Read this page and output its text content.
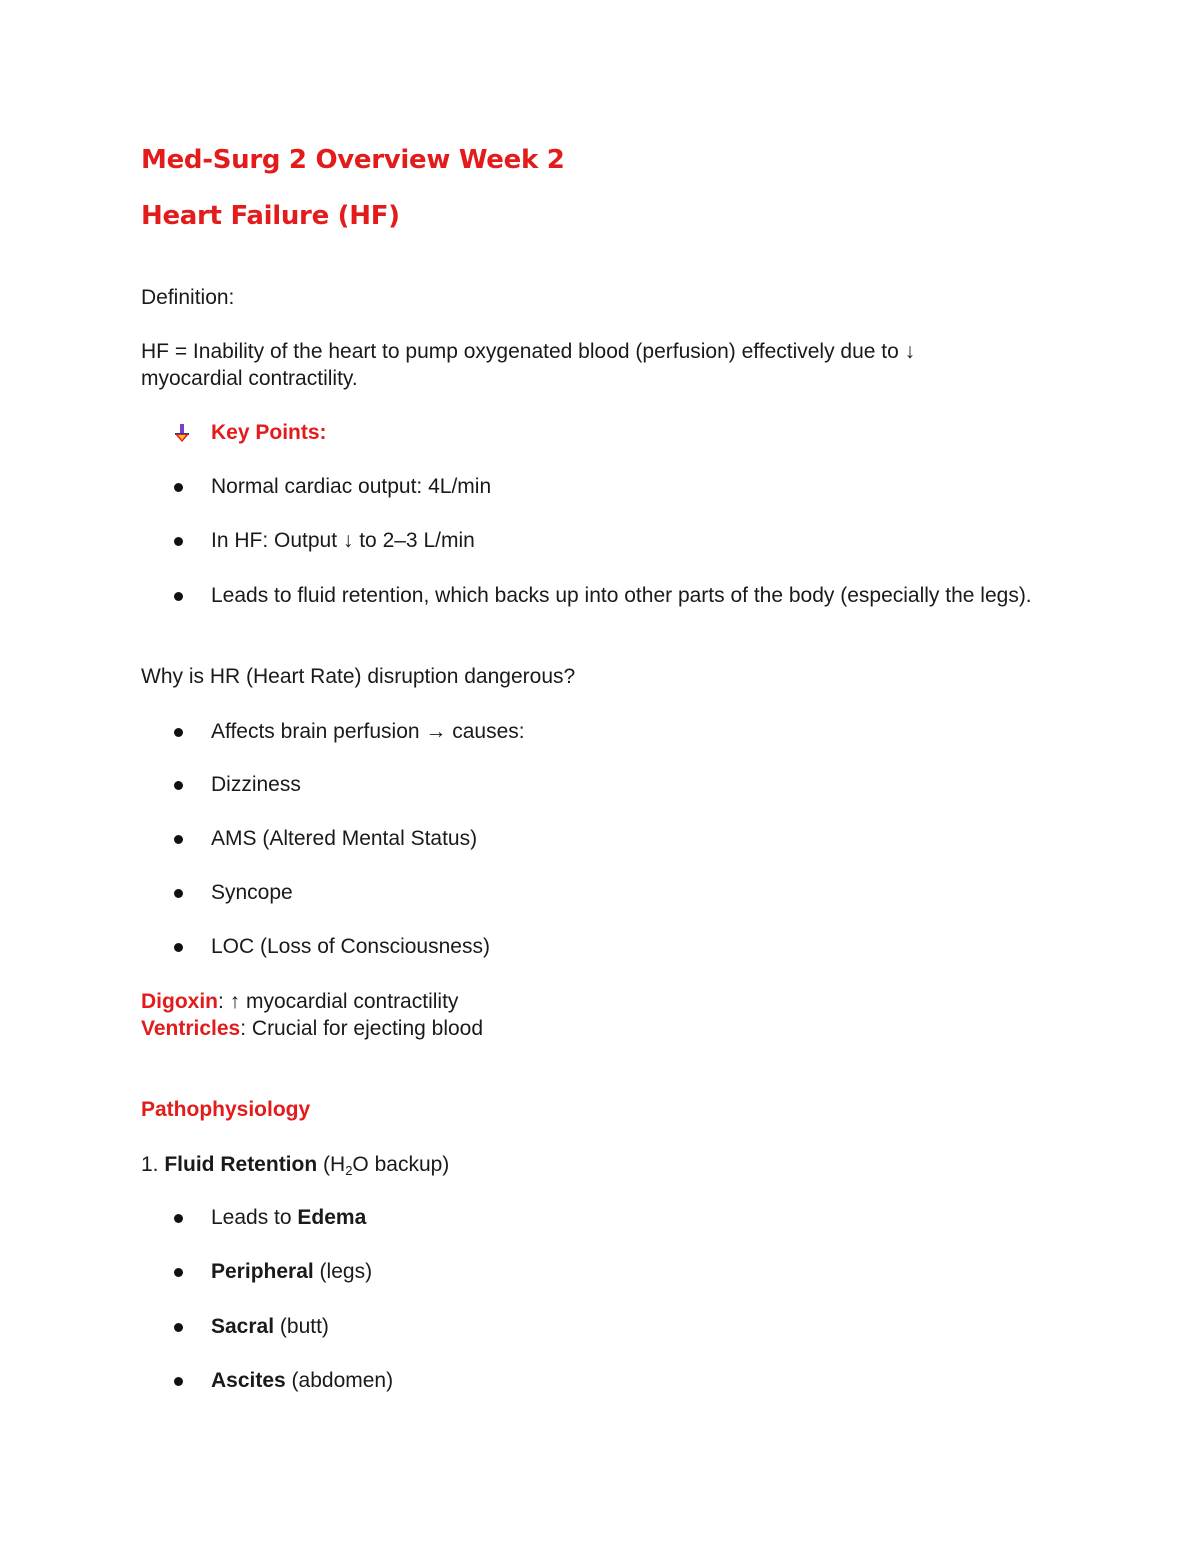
Med-Surg 2 Overview Week 2
Heart Failure (HF)
Definition:
HF = Inability of the heart to pump oxygenated blood (perfusion) effectively due to ↓ myocardial contractility.
Key Points:
Normal cardiac output: 4L/min
In HF: Output ↓ to 2–3 L/min
Leads to fluid retention, which backs up into other parts of the body (especially the legs).
Why is HR (Heart Rate) disruption dangerous?
Affects brain perfusion → causes:
Dizziness
AMS (Altered Mental Status)
Syncope
LOC (Loss of Consciousness)
Digoxin: ↑ myocardial contractility
Ventricles: Crucial for ejecting blood
Pathophysiology
1. Fluid Retention ($H_2O$ backup)
Leads to Edema
Peripheral (legs)
Sacral (butt)
Ascites (abdomen)
